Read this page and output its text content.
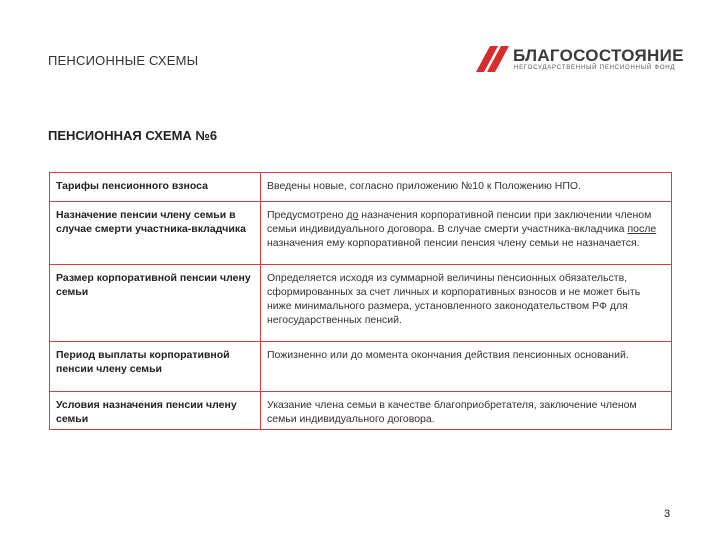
ПЕНСИОННЫЕ СХЕМЫ	БЛАГОСОСТОЯНИЕ
НЕГОСУДАРСТВЕННЫЙ ПЕНСИОННЫЙ ФОНД
ПЕНСИОННАЯ СХЕМА №6
Тарифы пенсионного взноса	Введены новые, согласно приложению №10 к Положению НПО.
Назначение пенсии члену семьи в случае смерти участника-вкладчика	Предусмотрено до назначения корпоративной пенсии при заключении членом семьи индивидуального договора. В случае смерти участника-вкладчика после назначения ему корпоративной пенсии пенсия члену семьи не назначается.
Размер корпоративной пенсии члену семьи	Определяется исходя из суммарной величины пенсионных обязательств, сформированных за счет личных и корпоративных взносов и не может быть ниже минимального размера, установленного законодательством РФ для негосударственных пенсий.
Период выплаты корпоративной пенсии члену семьи	Пожизненно или до момента окончания действия пенсионных оснований.
Условия назначения пенсии члену семьи	Указание члена семьи в качестве благоприобретателя, заключение членом семьи индивидуального договора.
3
